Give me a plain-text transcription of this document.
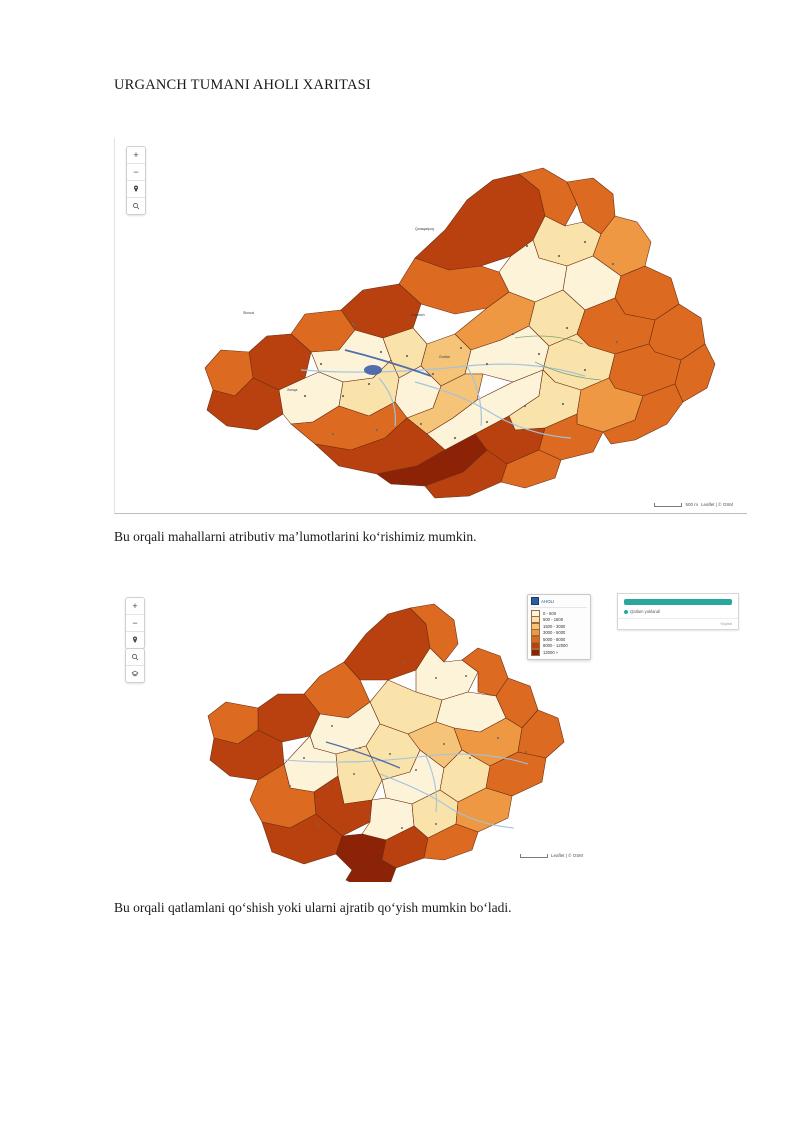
URGANCH TUMANI AHOLI XARITASI
+
−
500 m Leaflet | © OSM
Qoraqalpoq
Urganch
Shovot
Gurlan
Xonqa
Bu orqali mahallarni atributiv ma’lumotlarini ko‘rishimiz mumkin.
+
−
AHOLI
0 - 500
500 - 1500
1500 - 3000
3000 - 5000
5000 - 8000
8000 - 12000
12000 +
Qatlam yuklandi
Yopish
Leaflet | © OSM
Bu orqali qatlamlani qo‘shish yoki ularni ajratib qo‘yish mumkin bo‘ladi.
